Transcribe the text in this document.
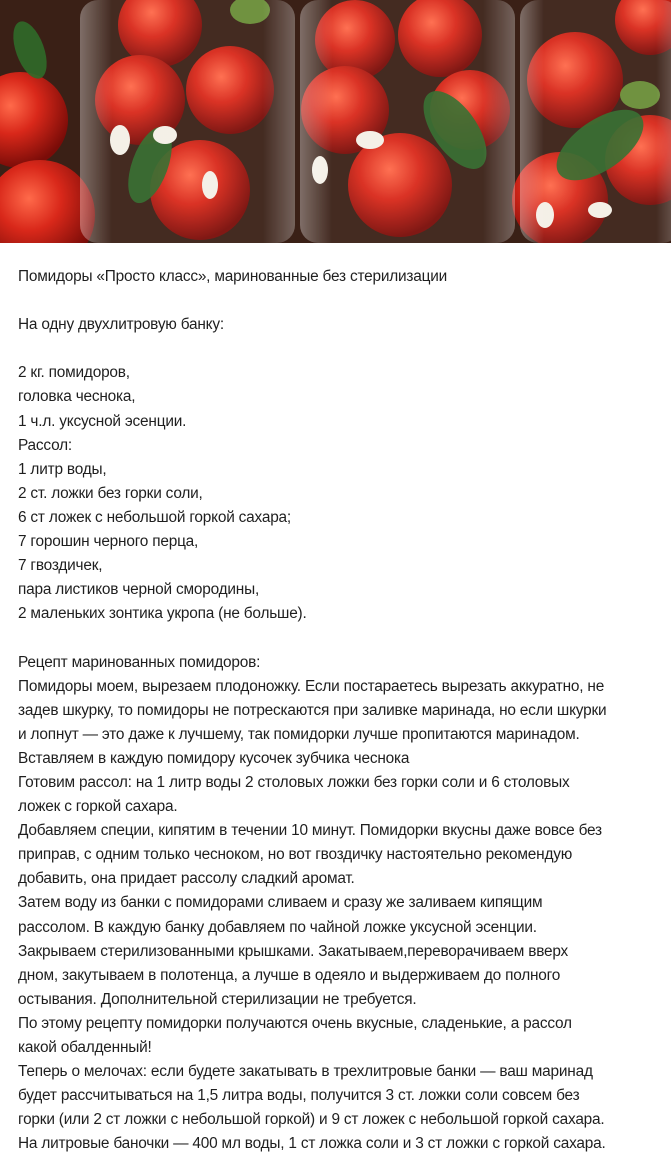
Помидоры «Просто класс», маринованные без стерилизации
На одну двухлитровую банку:
2 кг. помидоров,
головка чеснока,
1 ч.л. уксусной эсенции.
Рассол:
1 литр воды,
2 ст. ложки без горки соли,
6 ст ложек с небольшой горкой сахара;
7 горошин черного перца,
7 гвоздичек,
пара листиков черной смородины,
2 маленьких зонтика укропа (не больше).
Рецепт маринованных помидоров:
Помидоры моем, вырезаем плодоножку. Если постараетесь вырезать аккуратно, не
задев шкурку, то помидоры не потрескаются при заливке маринада, но если шкурки
и лопнут — это даже к лучшему, так помидорки лучше пропитаются маринадом.
Вставляем в каждую помидору кусочек зубчика чеснока
Готовим рассол: на 1 литр воды 2 столовых ложки без горки соли и 6 столовых
ложек с горкой сахара.
Добавляем специи, кипятим в течении 10 минут. Помидорки вкусны даже вовсе без
приправ, с одним только чесноком, но вот гвоздичку настоятельно рекомендую
добавить, она придает рассолу сладкий аромат.
Затем воду из банки с помидорами сливаем и сразу же заливаем кипящим
рассолом. В каждую банку добавляем по чайной ложке уксусной эсенции.
Закрываем стерилизованными крышками. Закатываем,переворачиваем вверх
дном, закутываем в полотенца, а лучше в одеяло и выдерживаем до полного
остывания. Дополнительной стерилизации не требуется.
По этому рецепту помидорки получаются очень вкусные, сладенькие, а рассол
какой обалденный!
Теперь о мелочах: если будете закатывать в трехлитровые банки — ваш маринад
будет рассчитываться на 1,5 литра воды, получится 3 ст. ложки соли совсем без
горки (или 2 ст ложки с небольшой горкой) и 9 ст ложек с небольшой горкой сахара.
На литровые баночки — 400 мл воды, 1 ст ложка соли и 3 ст ложки с горкой сахара.
